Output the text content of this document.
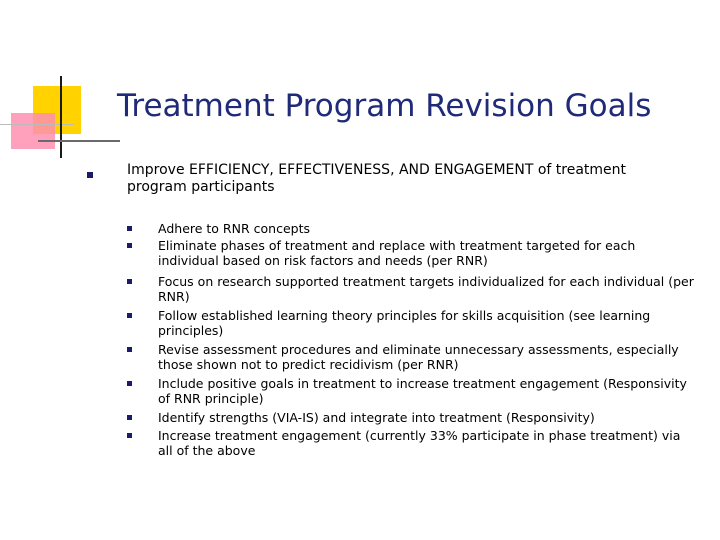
Treatment Program Revision Goals
Improve EFFICIENCY, EFFECTIVENESS, AND ENGAGEMENT of treatment program participants
Adhere to RNR concepts
Eliminate phases of treatment and replace with treatment targeted for each individual based on risk factors and needs (per RNR)
Focus on research supported treatment targets individualized for each individual (per RNR)
Follow established learning theory principles for skills acquisition (see learning principles)
Revise assessment procedures and eliminate unnecessary assessments, especially those shown not to predict recidivism (per RNR)
Include positive goals in treatment to increase treatment engagement (Responsivity of RNR principle)
Identify strengths (VIA-IS) and integrate into treatment (Responsivity)
Increase treatment engagement (currently 33% participate in phase treatment) via all of the above
